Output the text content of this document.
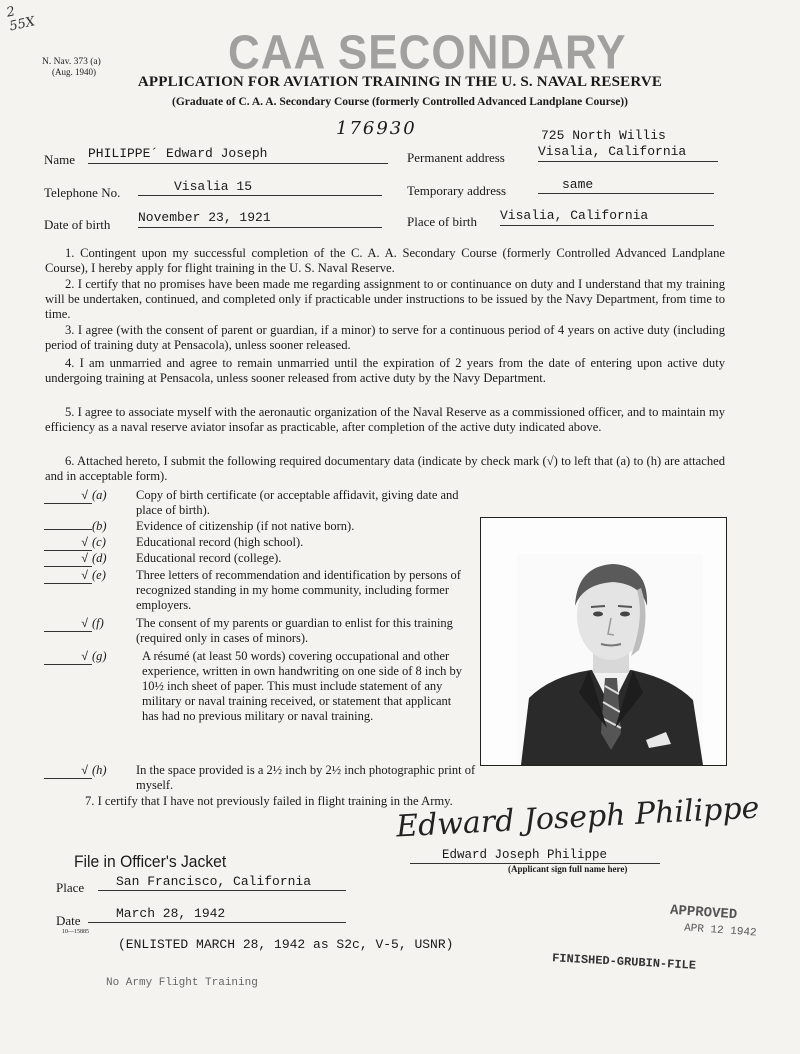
2
55X
N. Nav. 373 (a)
(Aug. 1940)	CAA SECONDARY
APPLICATION FOR AVIATION TRAINING IN THE U. S. NAVAL RESERVE
(Graduate of C. A. A. Secondary Course (formerly Controlled Advanced Landplane Course))
176930
Name PHILIPPE´ Edward Joseph	Permanent address
725 North Willis
Visalia, California
Telephone No.	Visalia 15	Temporary address	same
Date of birth November 23, 1921	Place of birth Visalia, California
1. Contingent upon my successful completion of the C. A. A. Secondary Course (formerly Controlled Advanced Landplane Course), I hereby apply for flight training in the U. S. Naval Reserve.
2. I certify that no promises have been made me regarding assignment to or continuance on duty and I understand that my training will be undertaken, continued, and completed only if practicable under instructions to be issued by the Navy Department, from time to time.
3. I agree (with the consent of parent or guardian, if a minor) to serve for a continuous period of 4 years on active duty (including period of training duty at Pensacola), unless sooner released.
4. I am unmarried and agree to remain unmarried until the expiration of 2 years from the date of entering upon active duty undergoing training at Pensacola, unless sooner released from active duty by the Navy Department.
5. I agree to associate myself with the aeronautic organization of the Naval Reserve as a commissioned officer, and to maintain my efficiency as a naval reserve aviator insofar as practicable, after completion of the active duty indicated above.
6. Attached hereto, I submit the following required documentary data (indicate by check mark (√) to left that (a) to (h) are attached and in acceptable form).
√ (a) Copy of birth certificate (or acceptable affidavit, giving date and place of birth).
(b) Evidence of citizenship (if not native born).
√ (c) Educational record (high school).
√ (d) Educational record (college).
√ (e) Three letters of recommendation and identification by persons of recognized standing in my home community, including former employers.
√ (f)	The consent of my parents or guardian to enlist for this training (required only in cases of minors).
√ (g)	A résumé (at least 50 words) covering occupational and other experience, written in own handwriting on one side of 8 inch by 10½ inch sheet of paper. This must include statement of any military or naval training received, or statement that applicant has had no previous military or naval training.
√ (h) In the space provided is a 2½ inch by 2½ inch photographic print of myself.
7. I certify that I have not previously failed in flight training in the Army.
Edward Joseph Philippe
Edward Joseph Philippe
(Applicant sign full name here)
File in Officer's Jacket
Place	San Francisco, California
Date	March 28, 1942
10—15885
(ENLISTED MARCH 28, 1942 as S2c, V-5, USNR)
APPROVED
APR 12 1942
FINISHED-GRUBIN-FILE
No Army Flight Training
